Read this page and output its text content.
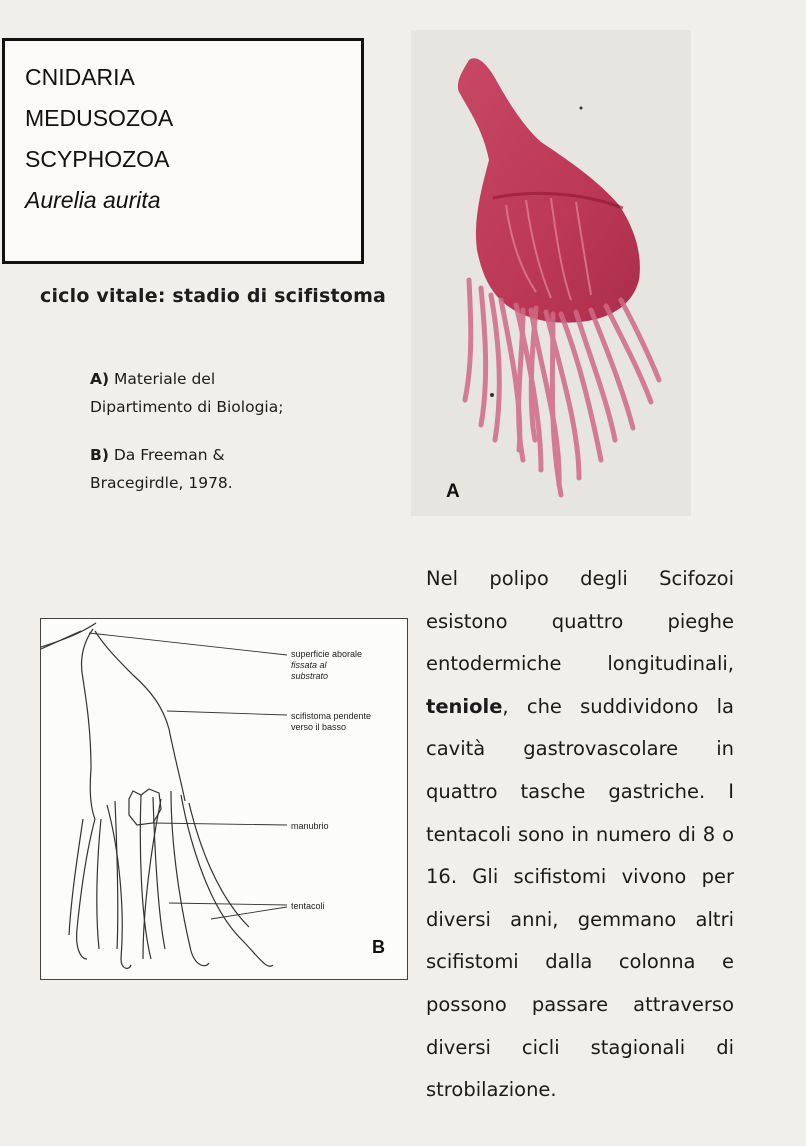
CNIDARIA
MEDUSOZOA
SCYPHOZOA
Aurelia aurita
ciclo vitale: stadio di scifistoma
A) Materiale del
Dipartimento di Biologia;
B) Da Freeman &
Bracegirdle, 1978.	A
superficie aborale
fissata al
substrato
scifistoma pendente
verso il basso
manubrio
tentacoli
B
Nel polipo degli Scifozoi esistono quattro pieghe entodermiche longitudinali, teniole, che suddividono la cavità gastrovascolare in quattro tasche gastriche. I tentacoli sono in numero di 8 o 16. Gli scifistomi vivono per diversi anni, gemmano altri scifistomi dalla colonna e possono passare attraverso diversi cicli stagionali di strobilazione.
